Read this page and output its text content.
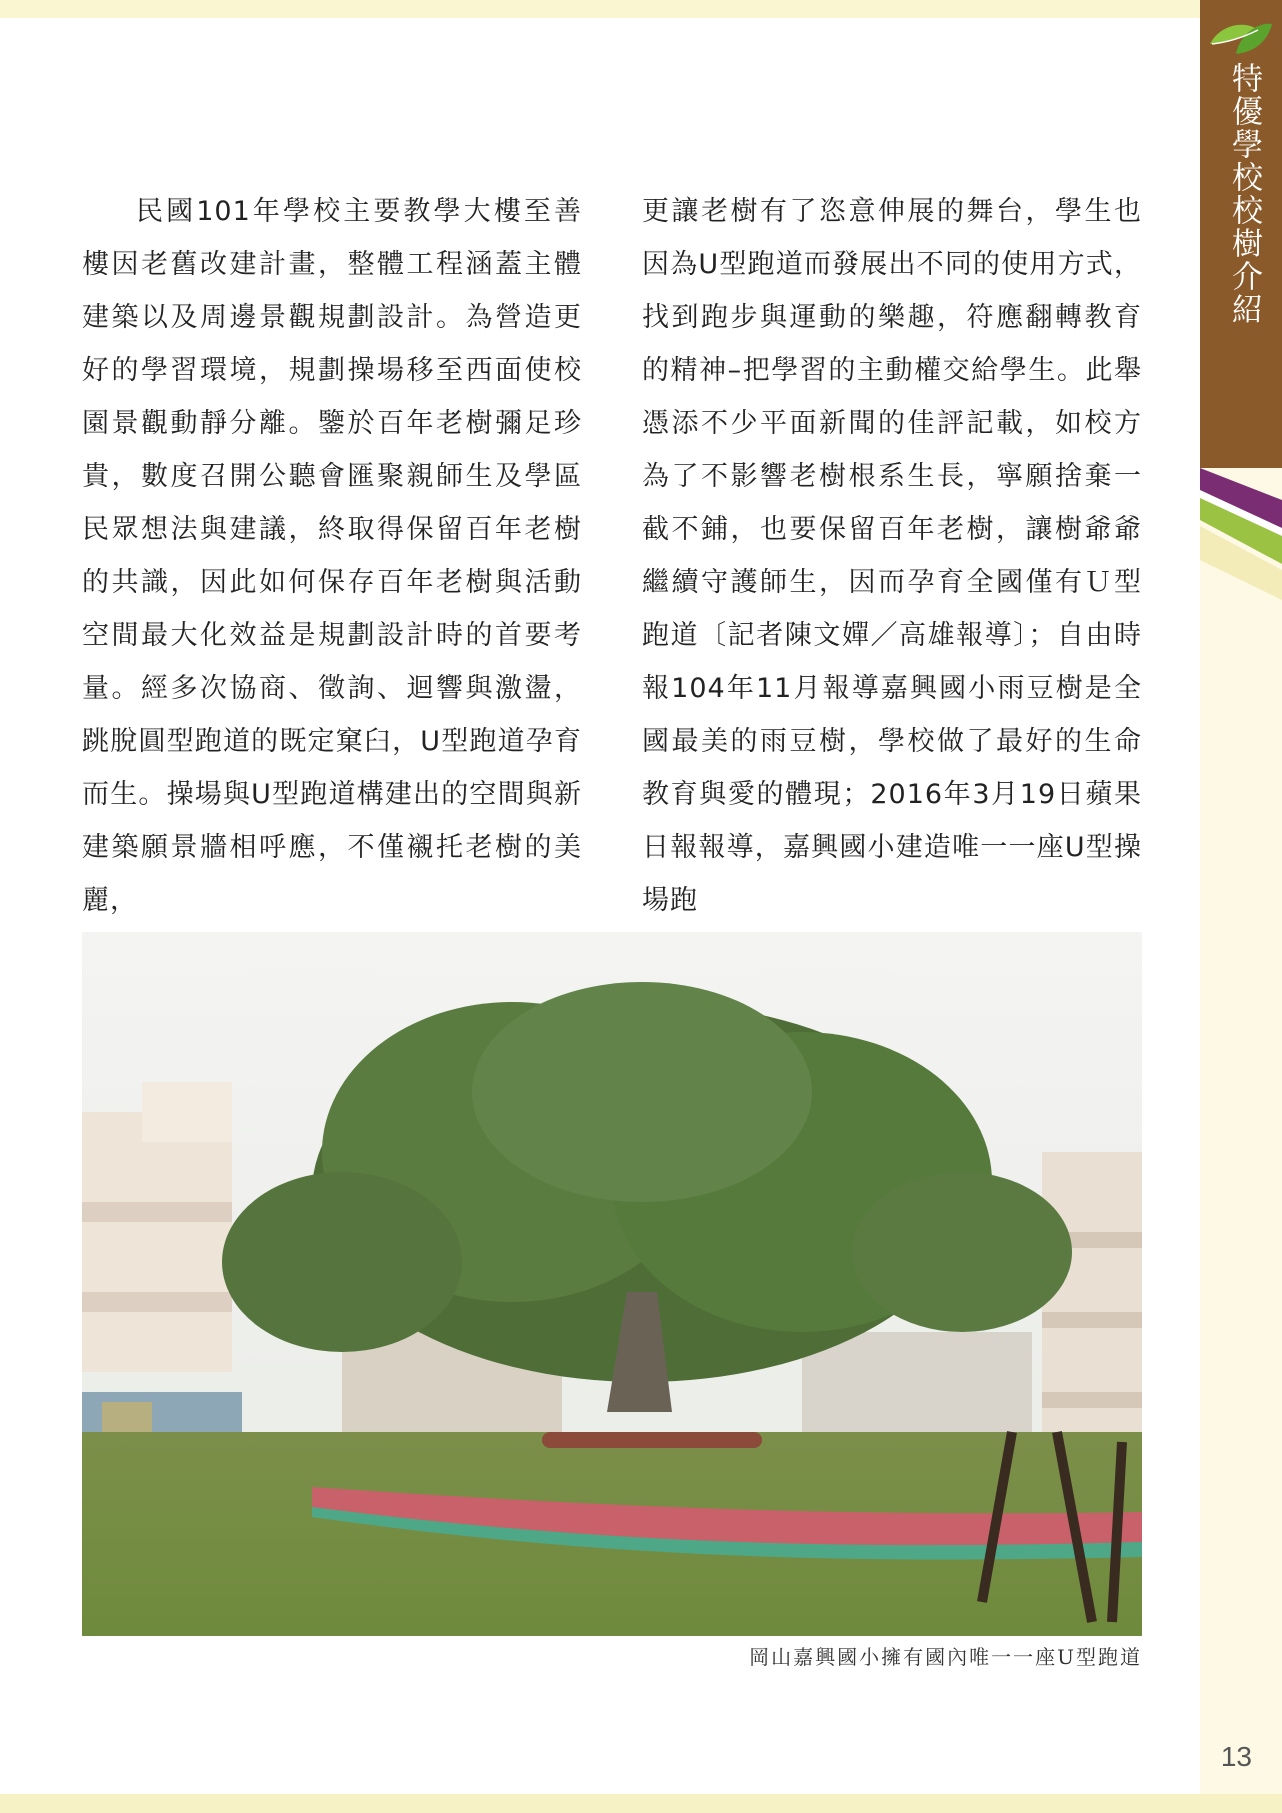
特優學校校樹介紹
民國101年學校主要教學大樓至善樓因老舊改建計畫，整體工程涵蓋主體建築以及周邊景觀規劃設計。為營造更好的學習環境，規劃操場移至西面使校園景觀動靜分離。鑒於百年老樹彌足珍貴，數度召開公聽會匯聚親師生及學區民眾想法與建議，終取得保留百年老樹的共識，因此如何保存百年老樹與活動空間最大化效益是規劃設計時的首要考量。經多次協商、徵詢、迴響與激盪，跳脫圓型跑道的既定窠臼，U型跑道孕育而生。操場與U型跑道構建出的空間與新建築願景牆相呼應，不僅襯托老樹的美麗，
更讓老樹有了恣意伸展的舞台，學生也因為U型跑道而發展出不同的使用方式，找到跑步與運動的樂趣，符應翻轉教育的精神–把學習的主動權交給學生。此舉憑添不少平面新聞的佳評記載，如校方為了不影響老樹根系生長，寧願捨棄一截不鋪，也要保留百年老樹，讓樹爺爺繼續守護師生，因而孕育全國僅有Ｕ型跑道〔記者陳文嬋／高雄報導〕；自由時報104年11月報導嘉興國小雨豆樹是全國最美的雨豆樹，學校做了最好的生命教育與愛的體現；2016年3月19日蘋果日報報導，嘉興國小建造唯一一座U型操場跑
岡山嘉興國小擁有國內唯一一座U型跑道
13
